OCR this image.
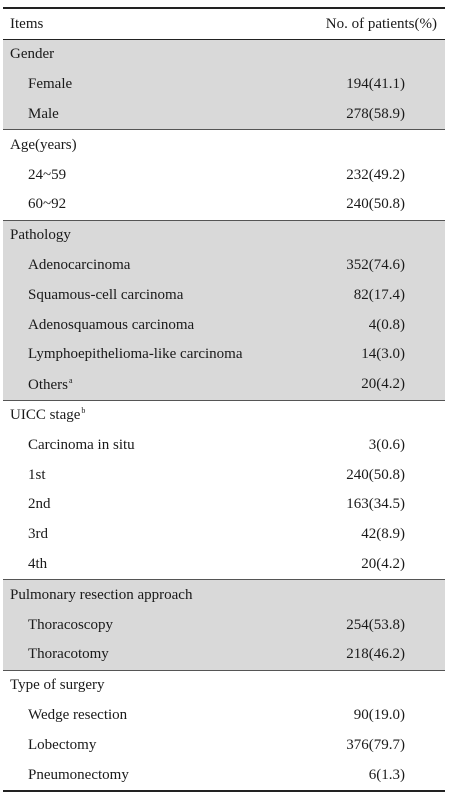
Items	No. of patients(%)
Gender
Female	194(41.1)
Male	278(58.9)
Age(years)
24~59	232(49.2)
60~92	240(50.8)
Pathology
Adenocarcinoma	352(74.6)
Squamous-cell carcinoma	82(17.4)
Adenosquamous carcinoma	4(0.8)
Lymphoepithelioma-like carcinoma	14(3.0)
Others$^a$	20(4.2)
UICC stage$^b$
Carcinoma in situ	3(0.6)
1st	240(50.8)
2nd	163(34.5)
3rd	42(8.9)
4th	20(4.2)
Pulmonary resection approach
Thoracoscopy	254(53.8)
Thoracotomy	218(46.2)
Type of surgery
Wedge resection	90(19.0)
Lobectomy	376(79.7)
Pneumonectomy	6(1.3)
